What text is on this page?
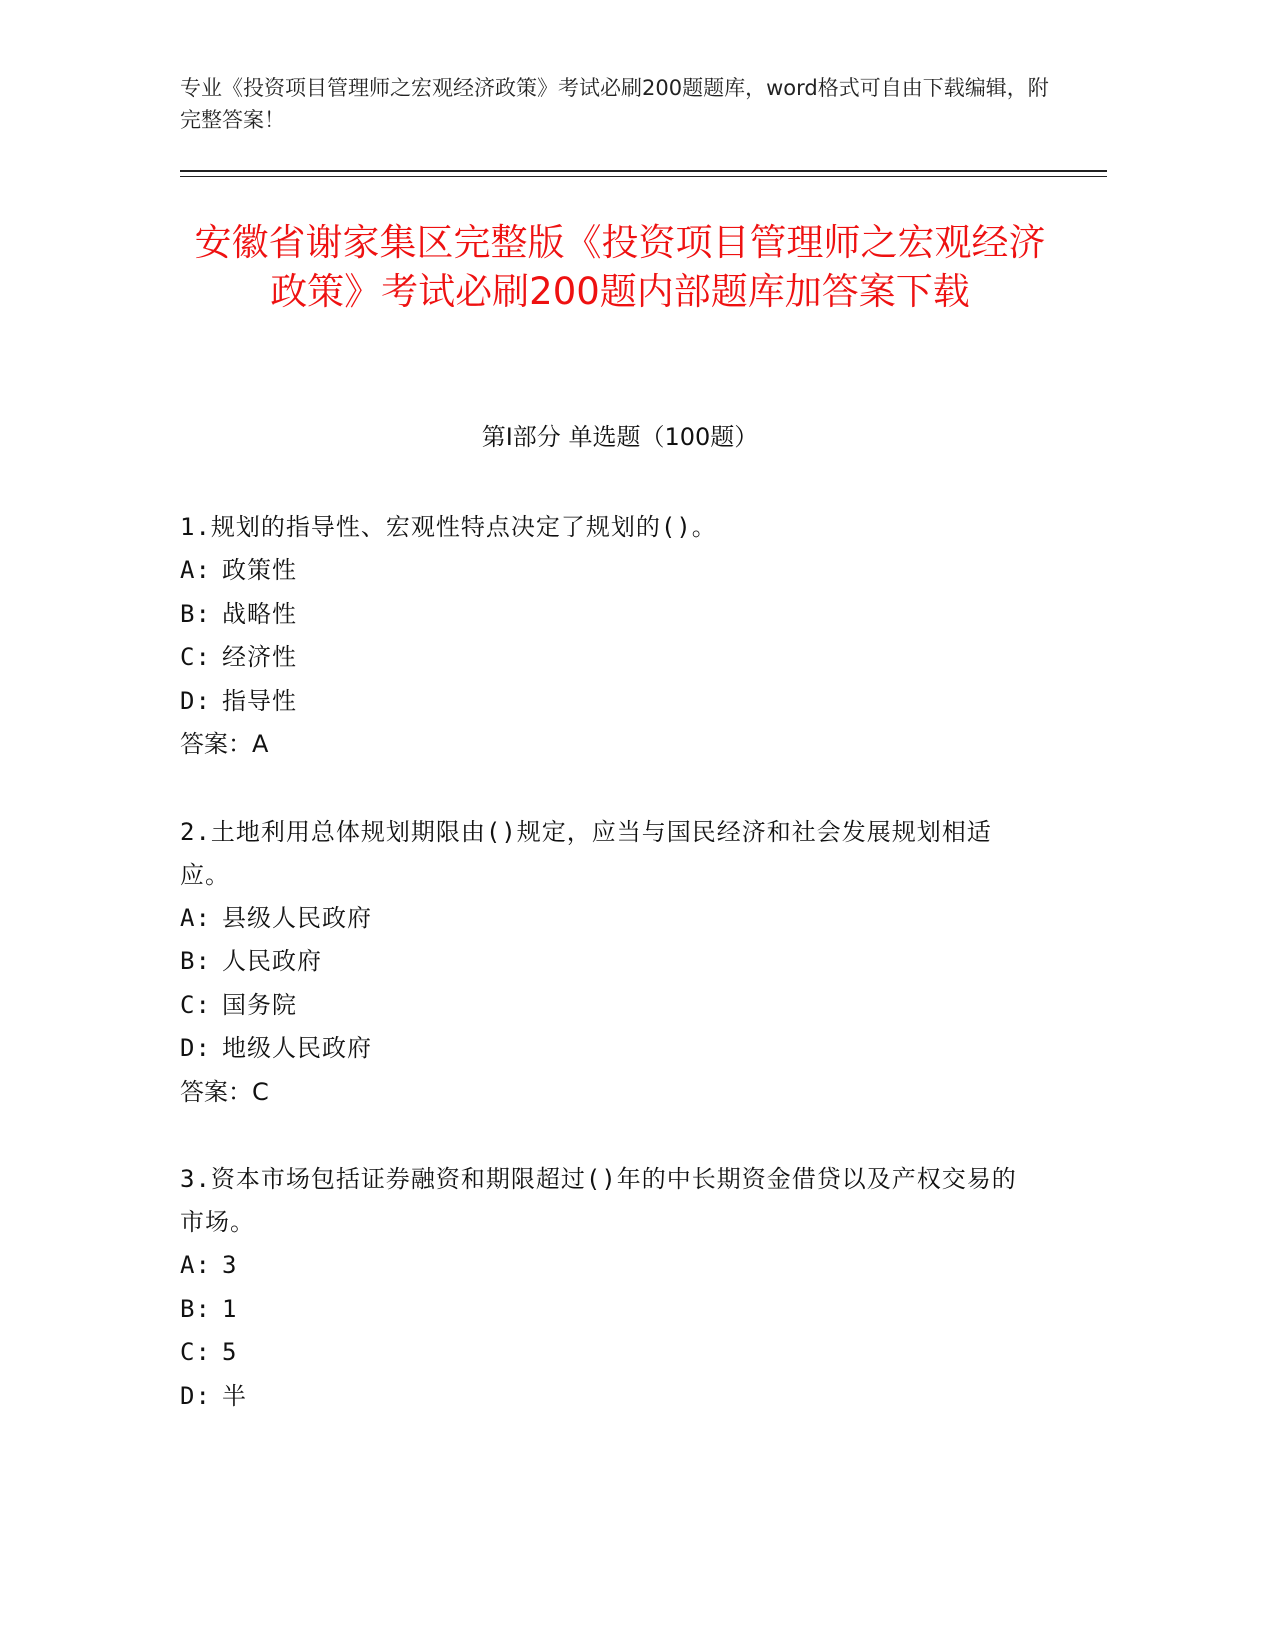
专业《投资项目管理师之宏观经济政策》考试必刷200题题库，word格式可自由下载编辑，附完整答案！
安徽省谢家集区完整版《投资项目管理师之宏观经济政策》考试必刷200题内部题库加答案下载
第Ⅰ部分 单选题（100题）
1.规划的指导性、宏观性特点决定了规划的()。
A: 政策性
B: 战略性
C: 经济性
D: 指导性
答案：A
2.土地利用总体规划期限由()规定，应当与国民经济和社会发展规划相适应。
A: 县级人民政府
B: 人民政府
C: 国务院
D: 地级人民政府
答案：C
3.资本市场包括证券融资和期限超过()年的中长期资金借贷以及产权交易的市场。
A: 3
B: 1
C: 5
D: 半
